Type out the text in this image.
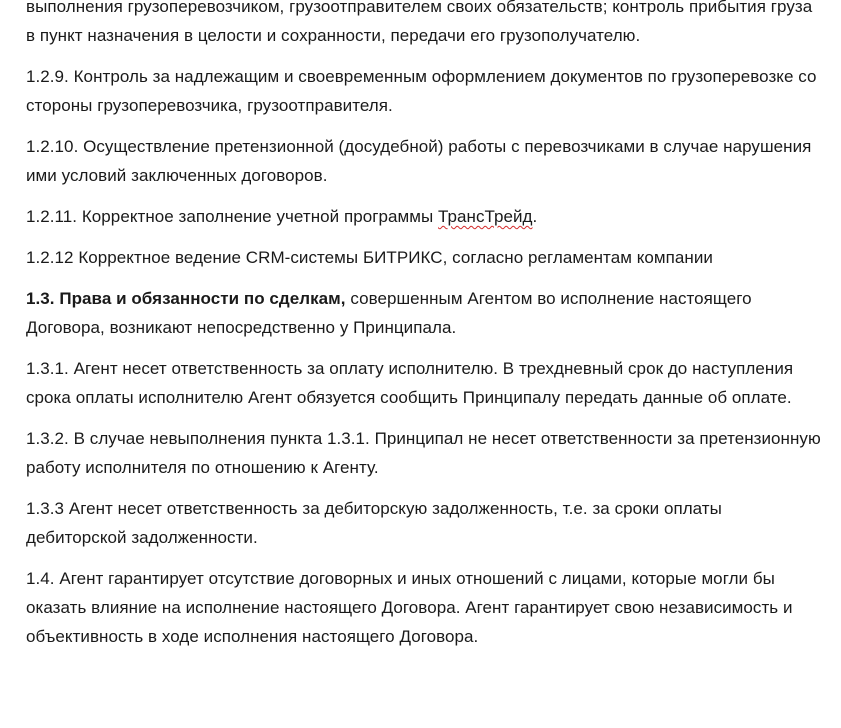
выполнения грузоперевозчиком, грузоотправителем своих обязательств; контроль прибытия груза в пункт назначения в целости и сохранности, передачи его грузополучателю.

1.2.9. Контроль за надлежащим и своевременным оформлением документов по грузоперевозке со стороны грузоперевозчика, грузоотправителя.

1.2.10. Осуществление претензионной (досудебной) работы с перевозчиками в случае нарушения ими условий заключенных договоров.

1.2.11. Корректное заполнение учетной программы ТрансТрейд.

1.2.12 Корректное ведение CRM-системы БИТРИКС, согласно регламентам компании

1.3. Права и обязанности по сделкам, совершенным Агентом во исполнение настоящего Договора, возникают непосредственно у Принципала.

1.3.1. Агент несет ответственность за оплату исполнителю. В трехдневный срок до наступления срока оплаты исполнителю Агент обязуется сообщить Принципалу передать данные об оплате.

1.3.2. В случае невыполнения пункта 1.3.1. Принципал не несет ответственности за претензионную работу исполнителя по отношению к Агенту.

1.3.3 Агент несет ответственность за дебиторскую задолженность, т.е. за сроки оплаты дебиторской задолженности.

1.4. Агент гарантирует отсутствие договорных и иных отношений с лицами, которые могли бы оказать влияние на исполнение настоящего Договора. Агент гарантирует свою независимость и объективность в ходе исполнения настоящего Договора.
